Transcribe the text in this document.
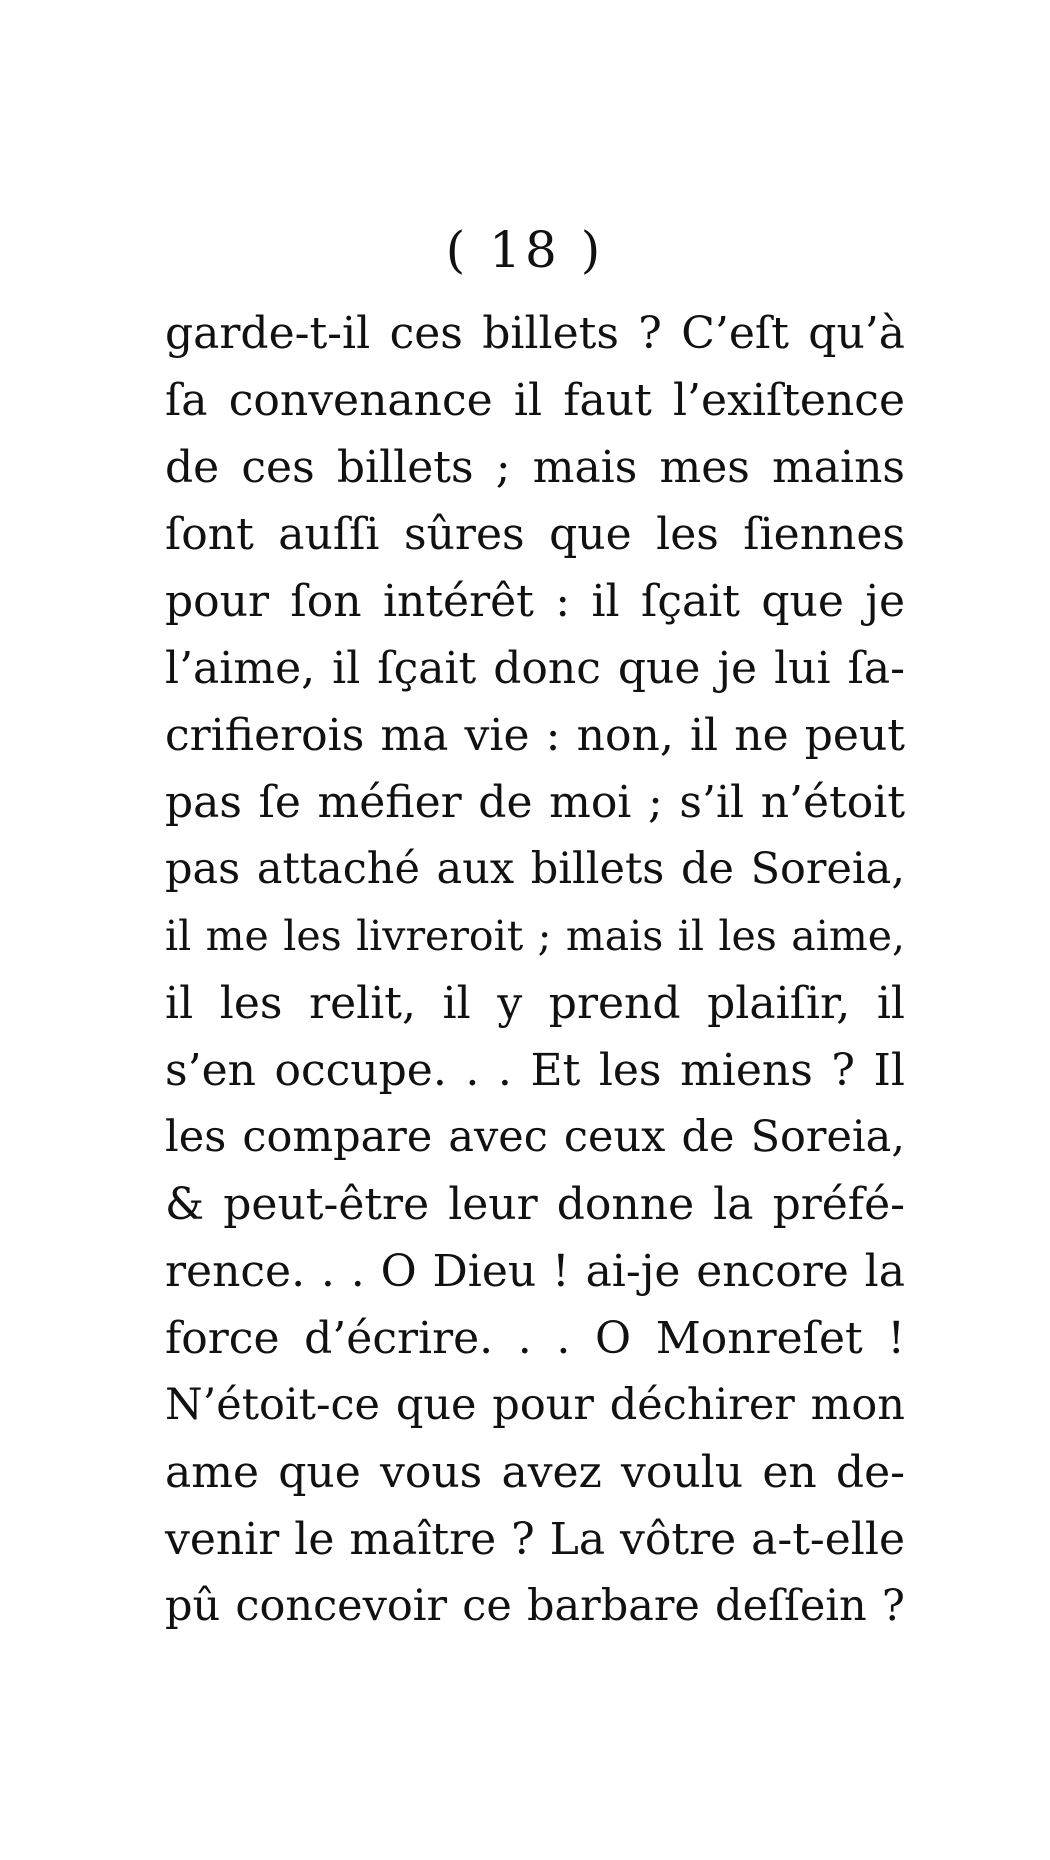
( 18 )
garde-t-il ces billets ? C’eſt qu’à
ſa convenance il faut l’exiſtence
de ces billets ; mais mes mains
ſont auſſi sûres que les ſiennes
pour ſon intérêt : il ſçait que je
l’aime, il ſçait donc que je lui ſa-
crifierois ma vie : non, il ne peut
pas ſe méfier de moi ; s’il n’étoit
pas attaché aux billets de Soreia,
il me les livreroit ; mais il les aime,
il les relit, il y prend plaiſir, il
s’en occupe. . . Et les miens ? Il
les compare avec ceux de Soreia,
& peut-être leur donne la préfé-
rence. . . O Dieu ! ai-je encore la
force d’écrire. . . O Monreſet !
N’étoit-ce que pour déchirer mon
ame que vous avez voulu en de-
venir le maître ? La vôtre a-t-elle
pû concevoir ce barbare deſſein ?
